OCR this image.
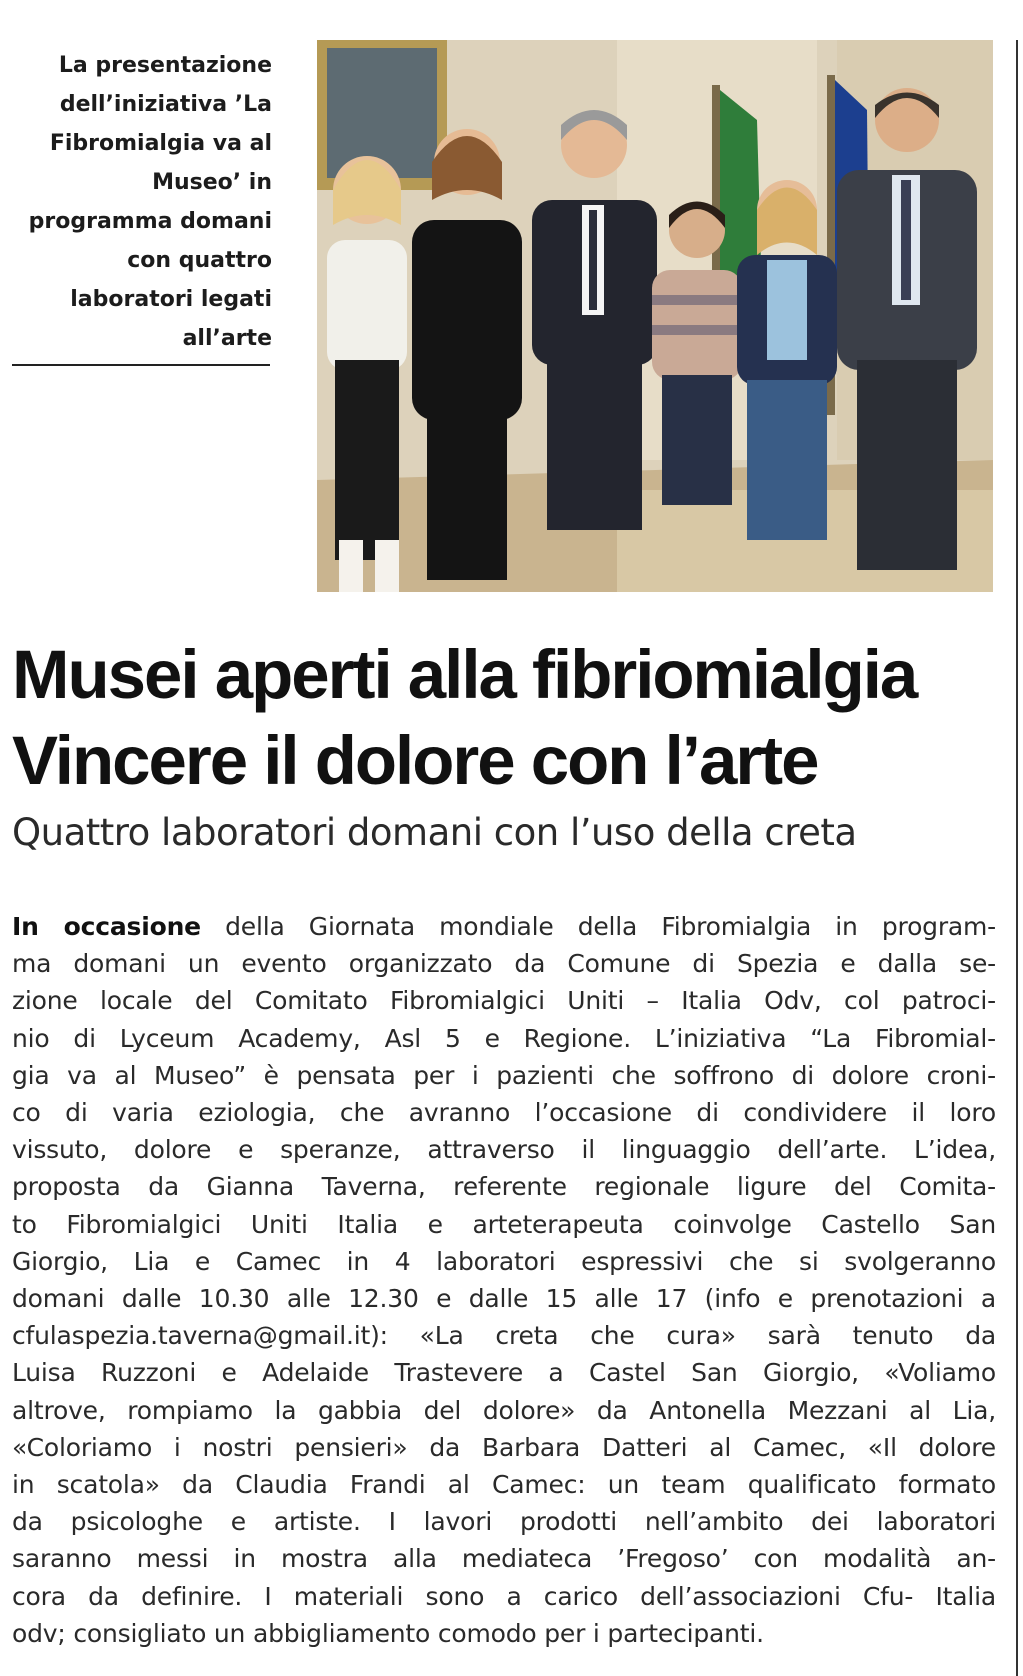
La presentazione
dell’iniziativa ’La
Fibromialgia va al
Museo’ in
programma domani
con quattro
laboratori legati
all’arte
Musei aperti alla fibriomialgia
Vincere il dolore con l’arte
Quattro laboratori domani con l’uso della creta
In occasione della Giornata mondiale della Fibromialgia in program-
ma domani un evento organizzato da Comune di Spezia e dalla se-
zione locale del Comitato Fibromialgici Uniti – Italia Odv, col patroci-
nio di Lyceum Academy, Asl 5 e Regione. L’iniziativa “La Fibromial-
gia va al Museo” è pensata per i pazienti che soffrono di dolore croni-
co di varia eziologia, che avranno l’occasione di condividere il loro
vissuto, dolore e speranze, attraverso il linguaggio dell’arte. L’idea,
proposta da Gianna Taverna, referente regionale ligure del Comita-
to Fibromialgici Uniti Italia e arteterapeuta coinvolge Castello San
Giorgio, Lia e Camec in 4 laboratori espressivi che si svolgeranno
domani dalle 10.30 alle 12.30 e dalle 15 alle 17 (info e prenotazioni a
cfulaspezia.taverna@gmail.it): «La creta che cura» sarà tenuto da
Luisa Ruzzoni e Adelaide Trastevere a Castel San Giorgio, «Voliamo
altrove, rompiamo la gabbia del dolore» da Antonella Mezzani al Lia,
«Coloriamo i nostri pensieri» da Barbara Datteri al Camec, «Il dolore
in scatola» da Claudia Frandi al Camec: un team qualificato formato
da psicologhe e artiste. I lavori prodotti nell’ambito dei laboratori
saranno messi in mostra alla mediateca ’Fregoso’ con modalità an-
cora da definire. I materiali sono a carico dell’associazioni Cfu- Italia
odv; consigliato un abbigliamento comodo per i partecipanti.
